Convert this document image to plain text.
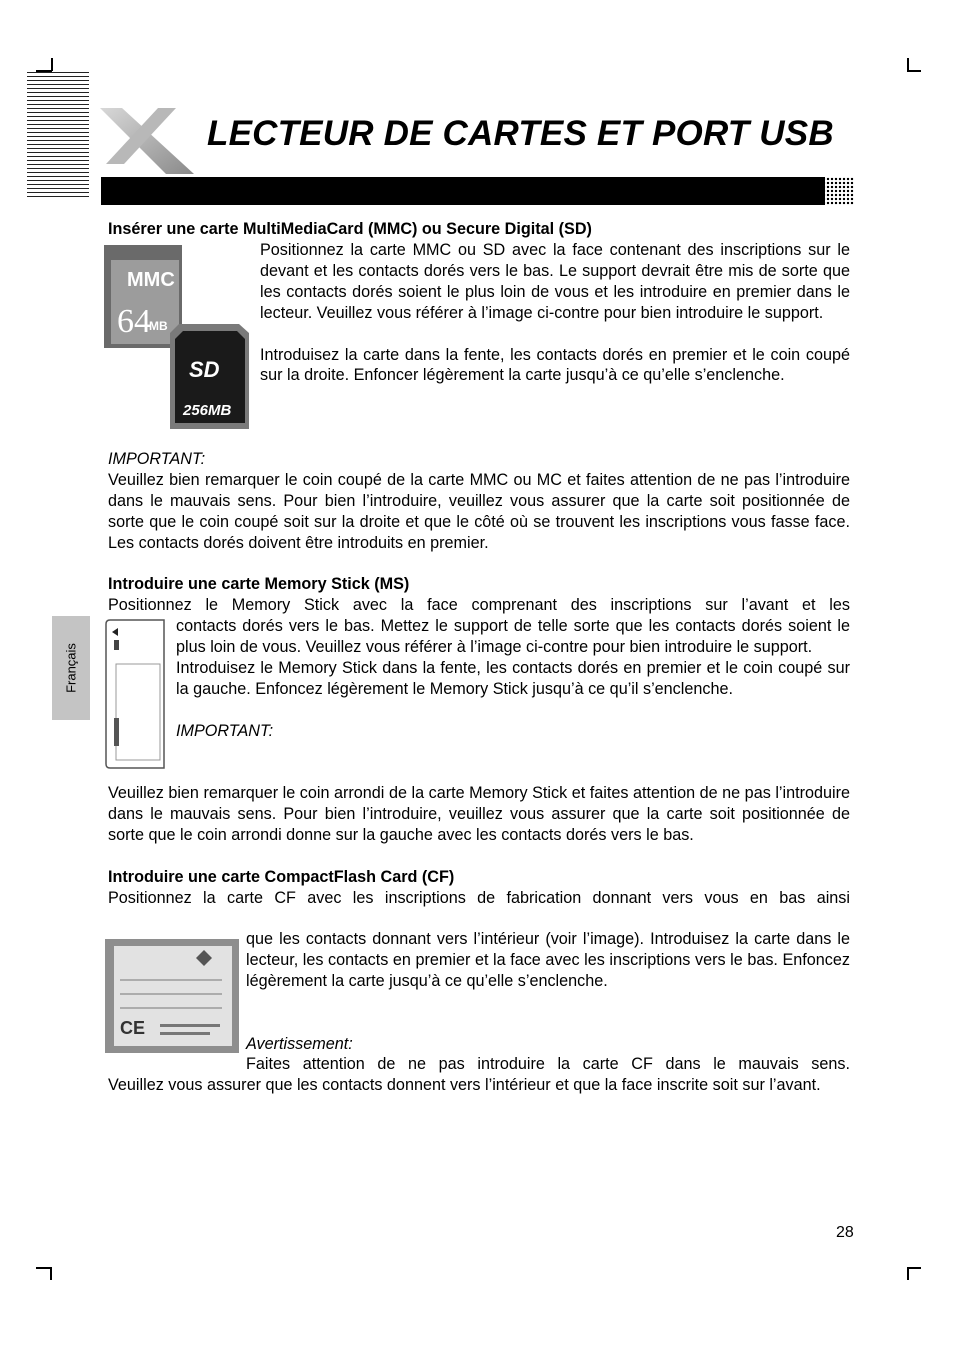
X
LECTEUR DE CARTES ET PORT USB
Insérer une carte MultiMediaCard (MMC) ou Secure Digital (SD)
MMC
64
MB
SD
256MB

Positionnez la carte MMC ou SD avec la face contenant des inscriptions sur le devant et les contacts dorés vers le bas. Le support devrait être mis de sorte que les contacts dorés soient le plus loin de vous et les introduire en premier dans le lecteur. Veuillez vous référer à l’image ci-contre pour bien introduire le support.

Introduisez la carte dans la fente, les contacts dorés en premier et le coin coupé sur la droite. Enfoncer légèrement la carte jusqu’à ce qu’elle s’enclenche.

IMPORTANT:

Veuillez bien remarquer le coin coupé de la carte MMC ou MC et faites attention de ne pas l’introduire dans le mauvais sens. Pour bien l’introduire, veuillez vous assurer que la carte soit positionnée de sorte que le coin coupé soit sur la droite et que le côté où se trouvent les inscriptions vous fasse face. Les contacts dorés doivent être introduits en premier.

Introduire une carte Memory Stick (MS)

Positionnez le Memory Stick avec la face comprenant des inscriptions sur l’avant et les

contacts dorés vers le bas. Mettez le support de telle sorte que les contacts dorés soient le plus loin de vous. Veuillez vous référer à l’image ci-contre pour bien introduire le support.

Introduisez le Memory Stick dans la fente, les contacts dorés en premier et le coin coupé sur la gauche. Enfoncez légèrement le Memory Stick jusqu’à ce qu’il s’enclenche.

IMPORTANT:

Veuillez bien remarquer le coin arrondi de la carte Memory Stick et faites attention de ne pas l’introduire dans le mauvais sens. Pour bien l’introduire, veuillez vous assurer que la carte soit positionnée de sorte que le coin arrondi donne sur la gauche avec les contacts dorés vers le bas.

Introduire une carte CompactFlash Card (CF)

Positionnez la carte CF avec les inscriptions de fabrication donnant vers vous en bas ainsi

CE

que les contacts donnant vers l’intérieur (voir l’image). Introduisez la carte dans le lecteur, les contacts en premier et la face avec les inscriptions vers le bas. Enfoncez légèrement la carte jusqu’à ce qu’elle s’enclenche.

Avertissement:

Faites attention de ne pas introduire la carte CF dans le mauvais sens.

Veuillez vous assurer que les contacts donnent vers l’intérieur et que la face inscrite soit sur l’avant.

Français
28
